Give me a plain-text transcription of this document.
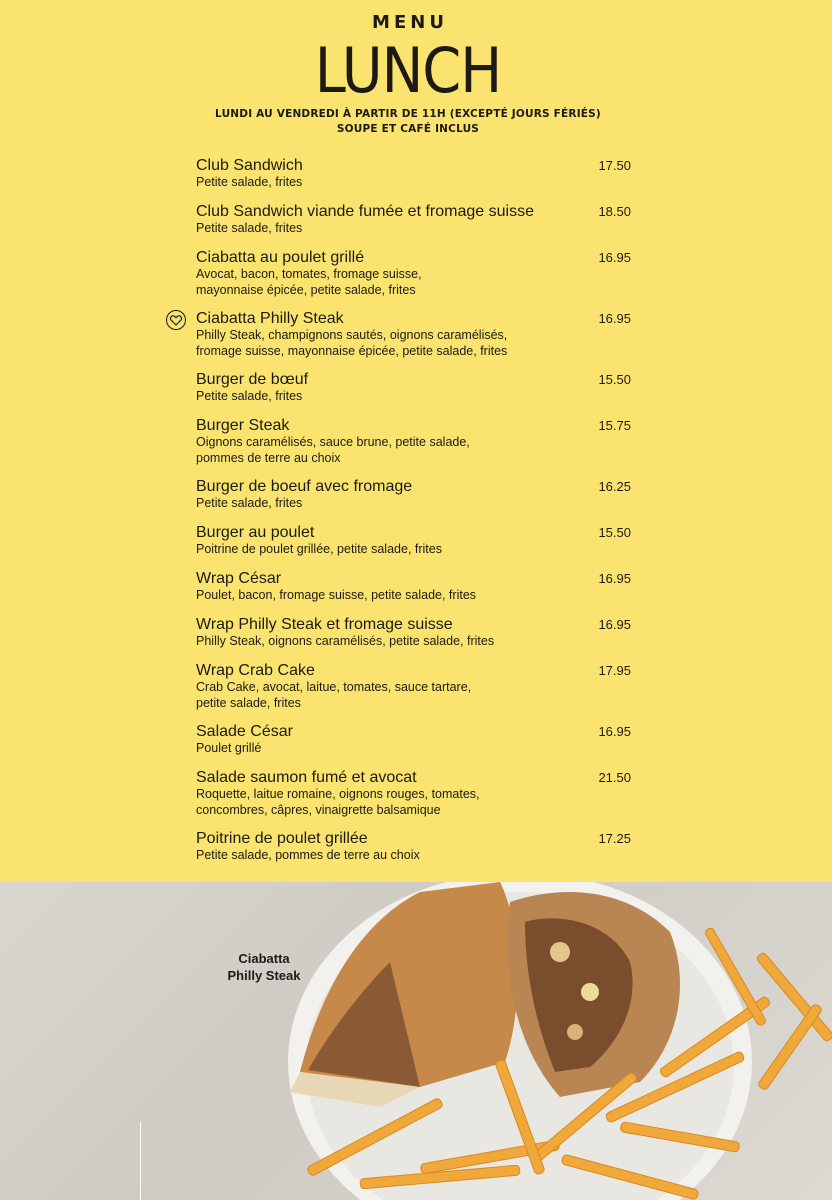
MENU
LUNCH
LUNDI AU VENDREDI À PARTIR DE 11H (EXCEPTÉ JOURS FÉRIÉS)
SOUPE ET CAFÉ INCLUS
Club Sandwich
Petite salade, frites
17.50
Club Sandwich viande fumée et fromage suisse
Petite salade, frites
18.50
Ciabatta au poulet grillé
Avocat, bacon, tomates, fromage suisse,
mayonnaise épicée, petite salade, frites
16.95
Ciabatta Philly Steak
Philly Steak, champignons sautés, oignons caramélisés,
fromage suisse, mayonnaise épicée, petite salade, frites
16.95
Burger de bœuf
Petite salade, frites
15.50
Burger Steak
Oignons caramélisés, sauce brune, petite salade,
pommes de terre au choix
15.75
Burger de boeuf avec fromage
Petite salade, frites
16.25
Burger au poulet
Poitrine de poulet grillée, petite salade, frites
15.50
Wrap César
Poulet, bacon, fromage suisse, petite salade, frites
16.95
Wrap Philly Steak et fromage suisse
Philly Steak, oignons caramélisés, petite salade, frites
16.95
Wrap Crab Cake
Crab Cake, avocat, laitue, tomates, sauce tartare,
petite salade, frites
17.95
Salade César
Poulet grillé
16.95
Salade saumon fumé et avocat
Roquette, laitue romaine, oignons rouges, tomates,
concombres, câpres, vinaigrette balsamique
21.50
Poitrine de poulet grillée
Petite salade, pommes de terre au choix
17.25
Ciabatta
Philly Steak
